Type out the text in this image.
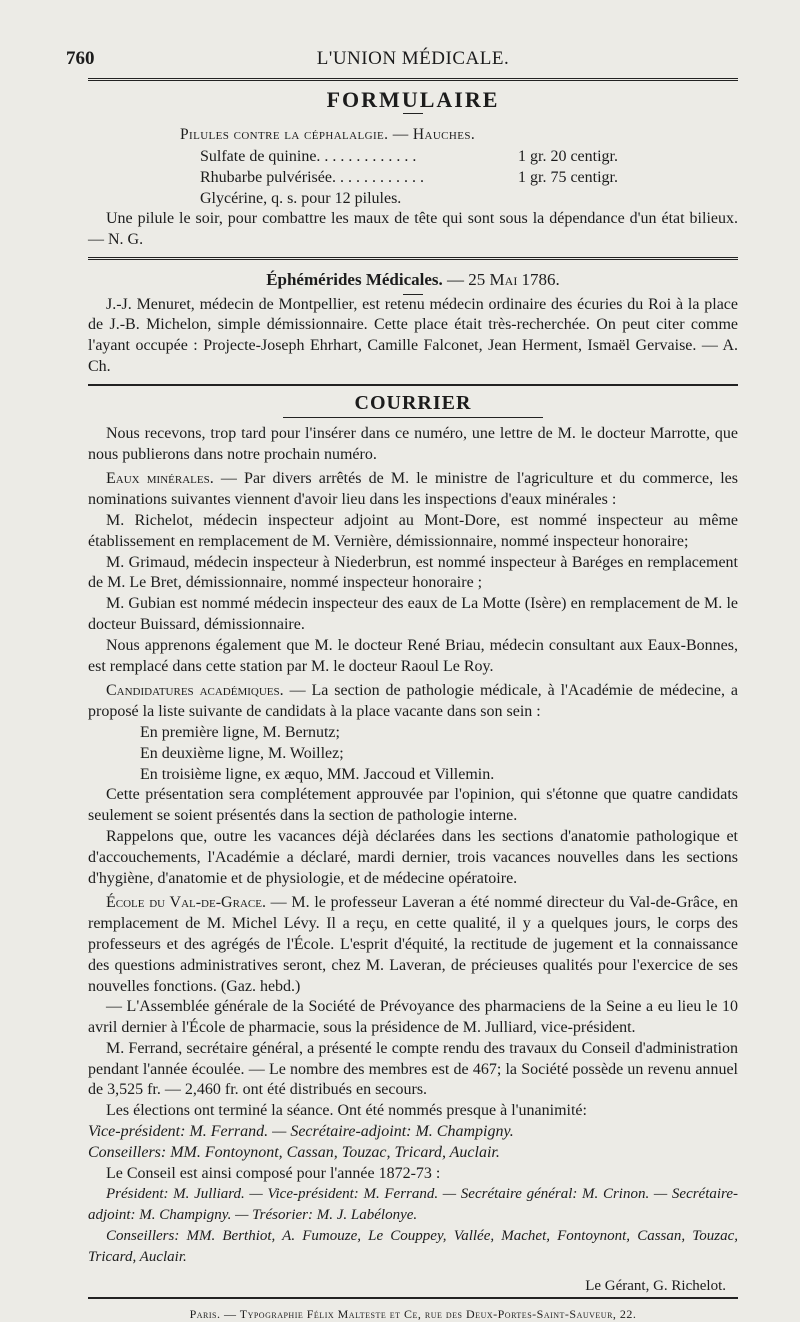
760	L'UNION MÉDICALE.
FORMULAIRE
Pilules contre la céphalalgie. — Hauches.
Sulfate de quinine. . . . . . . . . . . . .	1 gr. 20 centigr.
Rhubarbe pulvérisée. . . . . . . . . . . .	1 gr. 75 centigr.
Glycérine, q. s. pour 12 pilules.

Une pilule le soir, pour combattre les maux de tête qui sont sous la dépendance d'un état bilieux. — N. G.

Éphémérides Médicales. — 25 Mai 1786.

J.-J. Menuret, médecin de Montpellier, est retenu médecin ordinaire des écuries du Roi à la place de J.-B. Michelon, simple démissionnaire. Cette place était très-recherchée. On peut citer comme l'ayant occupée : Projecte-Joseph Ehrhart, Camille Falconet, Jean Herment, Ismaël Gervaise. — A. Ch.

COURRIER

Nous recevons, trop tard pour l'insérer dans ce numéro, une lettre de M. le docteur Marrotte, que nous publierons dans notre prochain numéro.

Eaux minérales. — Par divers arrêtés de M. le ministre de l'agriculture et du commerce, les nominations suivantes viennent d'avoir lieu dans les inspections d'eaux minérales :

M. Richelot, médecin inspecteur adjoint au Mont-Dore, est nommé inspecteur au même établissement en remplacement de M. Vernière, démissionnaire, nommé inspecteur honoraire;

M. Grimaud, médecin inspecteur à Niederbrun, est nommé inspecteur à Baréges en remplacement de M. Le Bret, démissionnaire, nommé inspecteur honoraire ;

M. Gubian est nommé médecin inspecteur des eaux de La Motte (Isère) en remplacement de M. le docteur Buissard, démissionnaire.

Nous apprenons également que M. le docteur René Briau, médecin consultant aux Eaux-Bonnes, est remplacé dans cette station par M. le docteur Raoul Le Roy.

Candidatures académiques. — La section de pathologie médicale, à l'Académie de médecine, a proposé la liste suivante de candidats à la place vacante dans son sein :

En première ligne, M. Bernutz;
En deuxième ligne, M. Woillez;
En troisième ligne, ex æquo, MM. Jaccoud et Villemin.

Cette présentation sera complétement approuvée par l'opinion, qui s'étonne que quatre candidats seulement se soient présentés dans la section de pathologie interne.

Rappelons que, outre les vacances déjà déclarées dans les sections d'anatomie pathologique et d'accouchements, l'Académie a déclaré, mardi dernier, trois vacances nouvelles dans les sections d'hygiène, d'anatomie et de physiologie, et de médecine opératoire.

École du Val-de-Grace. — M. le professeur Laveran a été nommé directeur du Val-de-Grâce, en remplacement de M. Michel Lévy. Il a reçu, en cette qualité, il y a quelques jours, le corps des professeurs et des agrégés de l'École. L'esprit d'équité, la rectitude de jugement et la connaissance des questions administratives seront, chez M. Laveran, de précieuses qualités pour l'exercice de ses nouvelles fonctions. (Gaz. hebd.)

— L'Assemblée générale de la Société de Prévoyance des pharmaciens de la Seine a eu lieu le 10 avril dernier à l'École de pharmacie, sous la présidence de M. Julliard, vice-président.

M. Ferrand, secrétaire général, a présenté le compte rendu des travaux du Conseil d'administration pendant l'année écoulée. — Le nombre des membres est de 467; la Société possède un revenu annuel de 3,525 fr. — 2,460 fr. ont été distribués en secours.

Les élections ont terminé la séance. Ont été nommés presque à l'unanimité:

Vice-président: M. Ferrand. — Secrétaire-adjoint: M. Champigny.

Conseillers: MM. Fontoynont, Cassan, Touzac, Tricard, Auclair.

Le Conseil est ainsi composé pour l'année 1872-73 :

Président: M. Julliard. — Vice-président: M. Ferrand. — Secrétaire général: M. Crinon. — Secrétaire-adjoint: M. Champigny. — Trésorier: M. J. Labélonye.

Conseillers: MM. Berthiot, A. Fumouze, Le Couppey, Vallée, Machet, Fontoynont, Cassan, Touzac, Tricard, Auclair.

Le Gérant, G. Richelot.
Paris. — Typographie Félix Malteste et Ce, rue des Deux-Portes-Saint-Sauveur, 22.
